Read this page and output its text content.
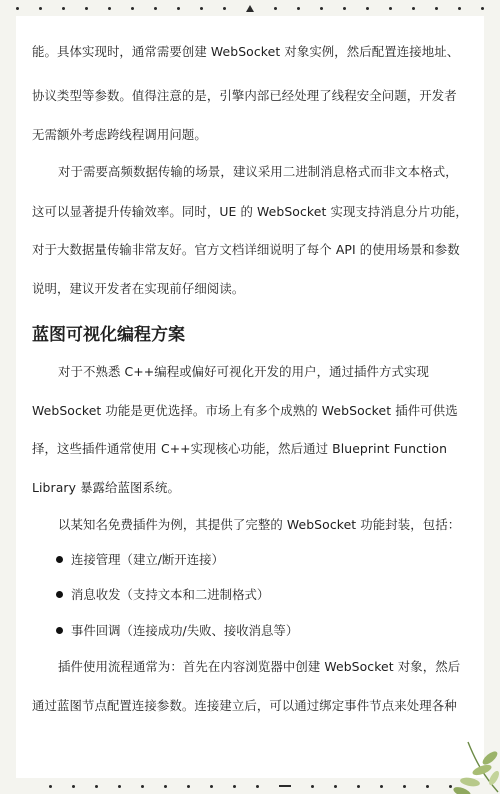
能。具体实现时，通常需要创建 WebSocket 对象实例，然后配置连接地址、
协议类型等参数。值得注意的是，引擎内部已经处理了线程安全问题，开发者
无需额外考虑跨线程调用问题。
对于需要高频数据传输的场景，建议采用二进制消息格式而非文本格式，
这可以显著提升传输效率。同时，UE 的 WebSocket 实现支持消息分片功能，
对于大数据量传输非常友好。官方文档详细说明了每个 API 的使用场景和参数
说明，建议开发者在实现前仔细阅读。
蓝图可视化编程方案
对于不熟悉 C++编程或偏好可视化开发的用户，通过插件方式实现
WebSocket 功能是更优选择。市场上有多个成熟的 WebSocket 插件可供选
择，这些插件通常使用 C++实现核心功能，然后通过 Blueprint Function
Library 暴露给蓝图系统。
以某知名免费插件为例，其提供了完整的 WebSocket 功能封装，包括：
连接管理（建立/断开连接）
消息收发（支持文本和二进制格式）
事件回调（连接成功/失败、接收消息等）
插件使用流程通常为：首先在内容浏览器中创建 WebSocket 对象，然后
通过蓝图节点配置连接参数。连接建立后，可以通过绑定事件节点来处理各种
